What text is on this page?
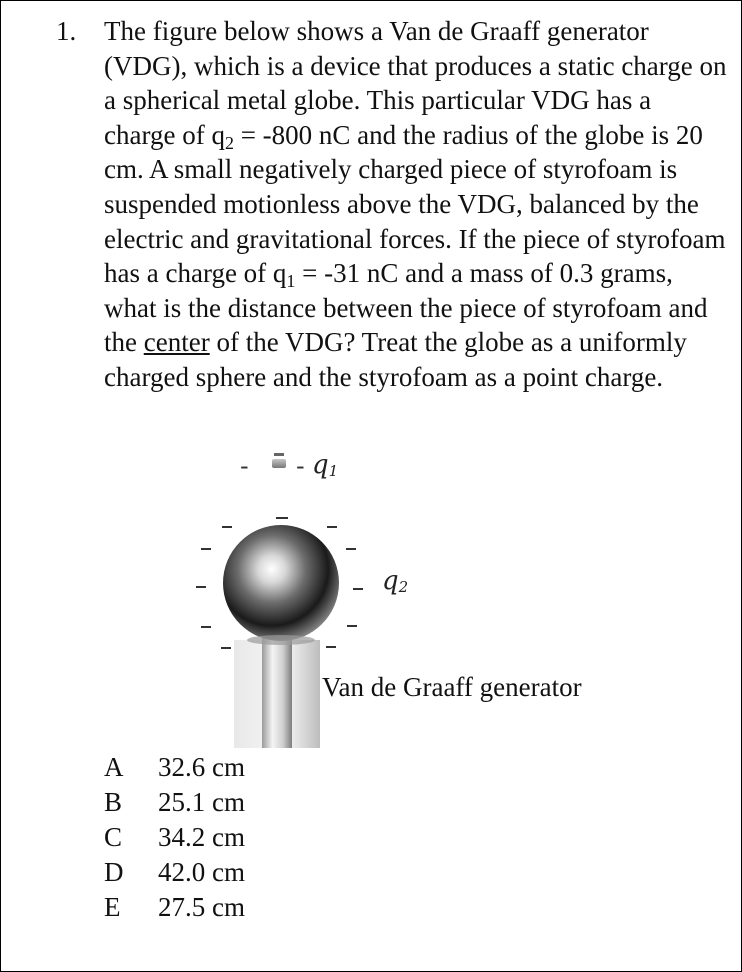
1. The figure below shows a Van de Graaff generator (VDG), which is a device that produces a static charge on a spherical metal globe. This particular VDG has a charge of $q_2 = -800$ nC and the radius of the globe is 20 cm. A small negatively charged piece of styrofoam is suspended motionless above the VDG, balanced by the electric and gravitational forces. If the piece of styrofoam has a charge of $q_1 = -31$ nC and a mass of 0.3 grams, what is the distance between the piece of styrofoam and the center of the VDG? Treat the globe as a uniformly charged sphere and the styrofoam as a point charge.
- - $q_1$
$q_2$
Van de Graaff generator
A	32.6 cm
B	25.1 cm
C	34.2 cm
D	42.0 cm
E	27.5 cm
